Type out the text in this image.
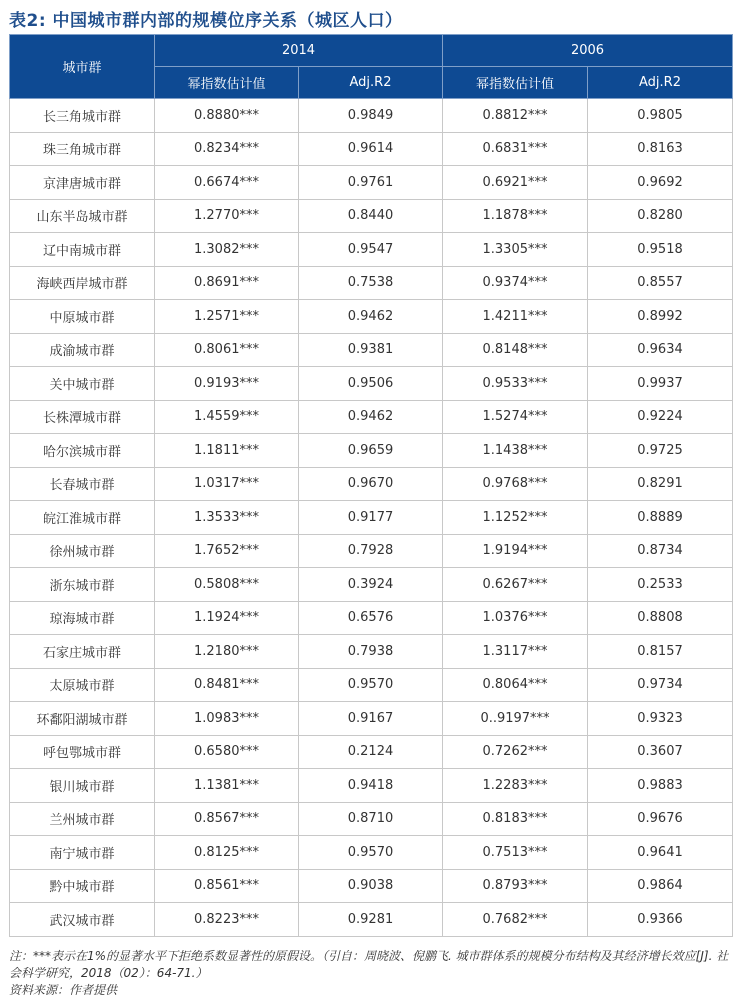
表2: 中国城市群内部的规模位序关系（城区人口）
城市群	2014		2006	
	幂指数估计值	Adj.R2	幂指数估计值	Adj.R2
长三角城市群	0.8880***	0.9849	0.8812***	0.9805
珠三角城市群	0.8234***	0.9614	0.6831***	0.8163
京津唐城市群	0.6674***	0.9761	0.6921***	0.9692
山东半岛城市群	1.2770***	0.8440	1.1878***	0.8280
辽中南城市群	1.3082***	0.9547	1.3305***	0.9518
海峡西岸城市群	0.8691***	0.7538	0.9374***	0.8557
中原城市群	1.2571***	0.9462	1.4211***	0.8992
成渝城市群	0.8061***	0.9381	0.8148***	0.9634
关中城市群	0.9193***	0.9506	0.9533***	0.9937
长株潭城市群	1.4559***	0.9462	1.5274***	0.9224
哈尔滨城市群	1.1811***	0.9659	1.1438***	0.9725
长春城市群	1.0317***	0.9670	0.9768***	0.8291
皖江淮城市群	1.3533***	0.9177	1.1252***	0.8889
徐州城市群	1.7652***	0.7928	1.9194***	0.8734
浙东城市群	0.5808***	0.3924	0.6267***	0.2533
琼海城市群	1.1924***	0.6576	1.0376***	0.8808
石家庄城市群	1.2180***	0.7938	1.3117***	0.8157
太原城市群	0.8481***	0.9570	0.8064***	0.9734
环鄱阳湖城市群	1.0983***	0.9167	0..9197***	0.9323
呼包鄂城市群	0.6580***	0.2124	0.7262***	0.3607
银川城市群	1.1381***	0.9418	1.2283***	0.9883
兰州城市群	0.8567***	0.8710	0.8183***	0.9676
南宁城市群	0.8125***	0.9570	0.7513***	0.9641
黔中城市群	0.8561***	0.9038	0.8793***	0.9864
武汉城市群	0.8223***	0.9281	0.7682***	0.9366
注：***表示在1%的显著水平下拒绝系数显著性的原假设。（引自：周晓波、倪鹏飞. 城市群体系的规模分布结构及其经济增长效应[J]. 社会科学研究，2018（02）：64-71.）
资料来源：作者提供
